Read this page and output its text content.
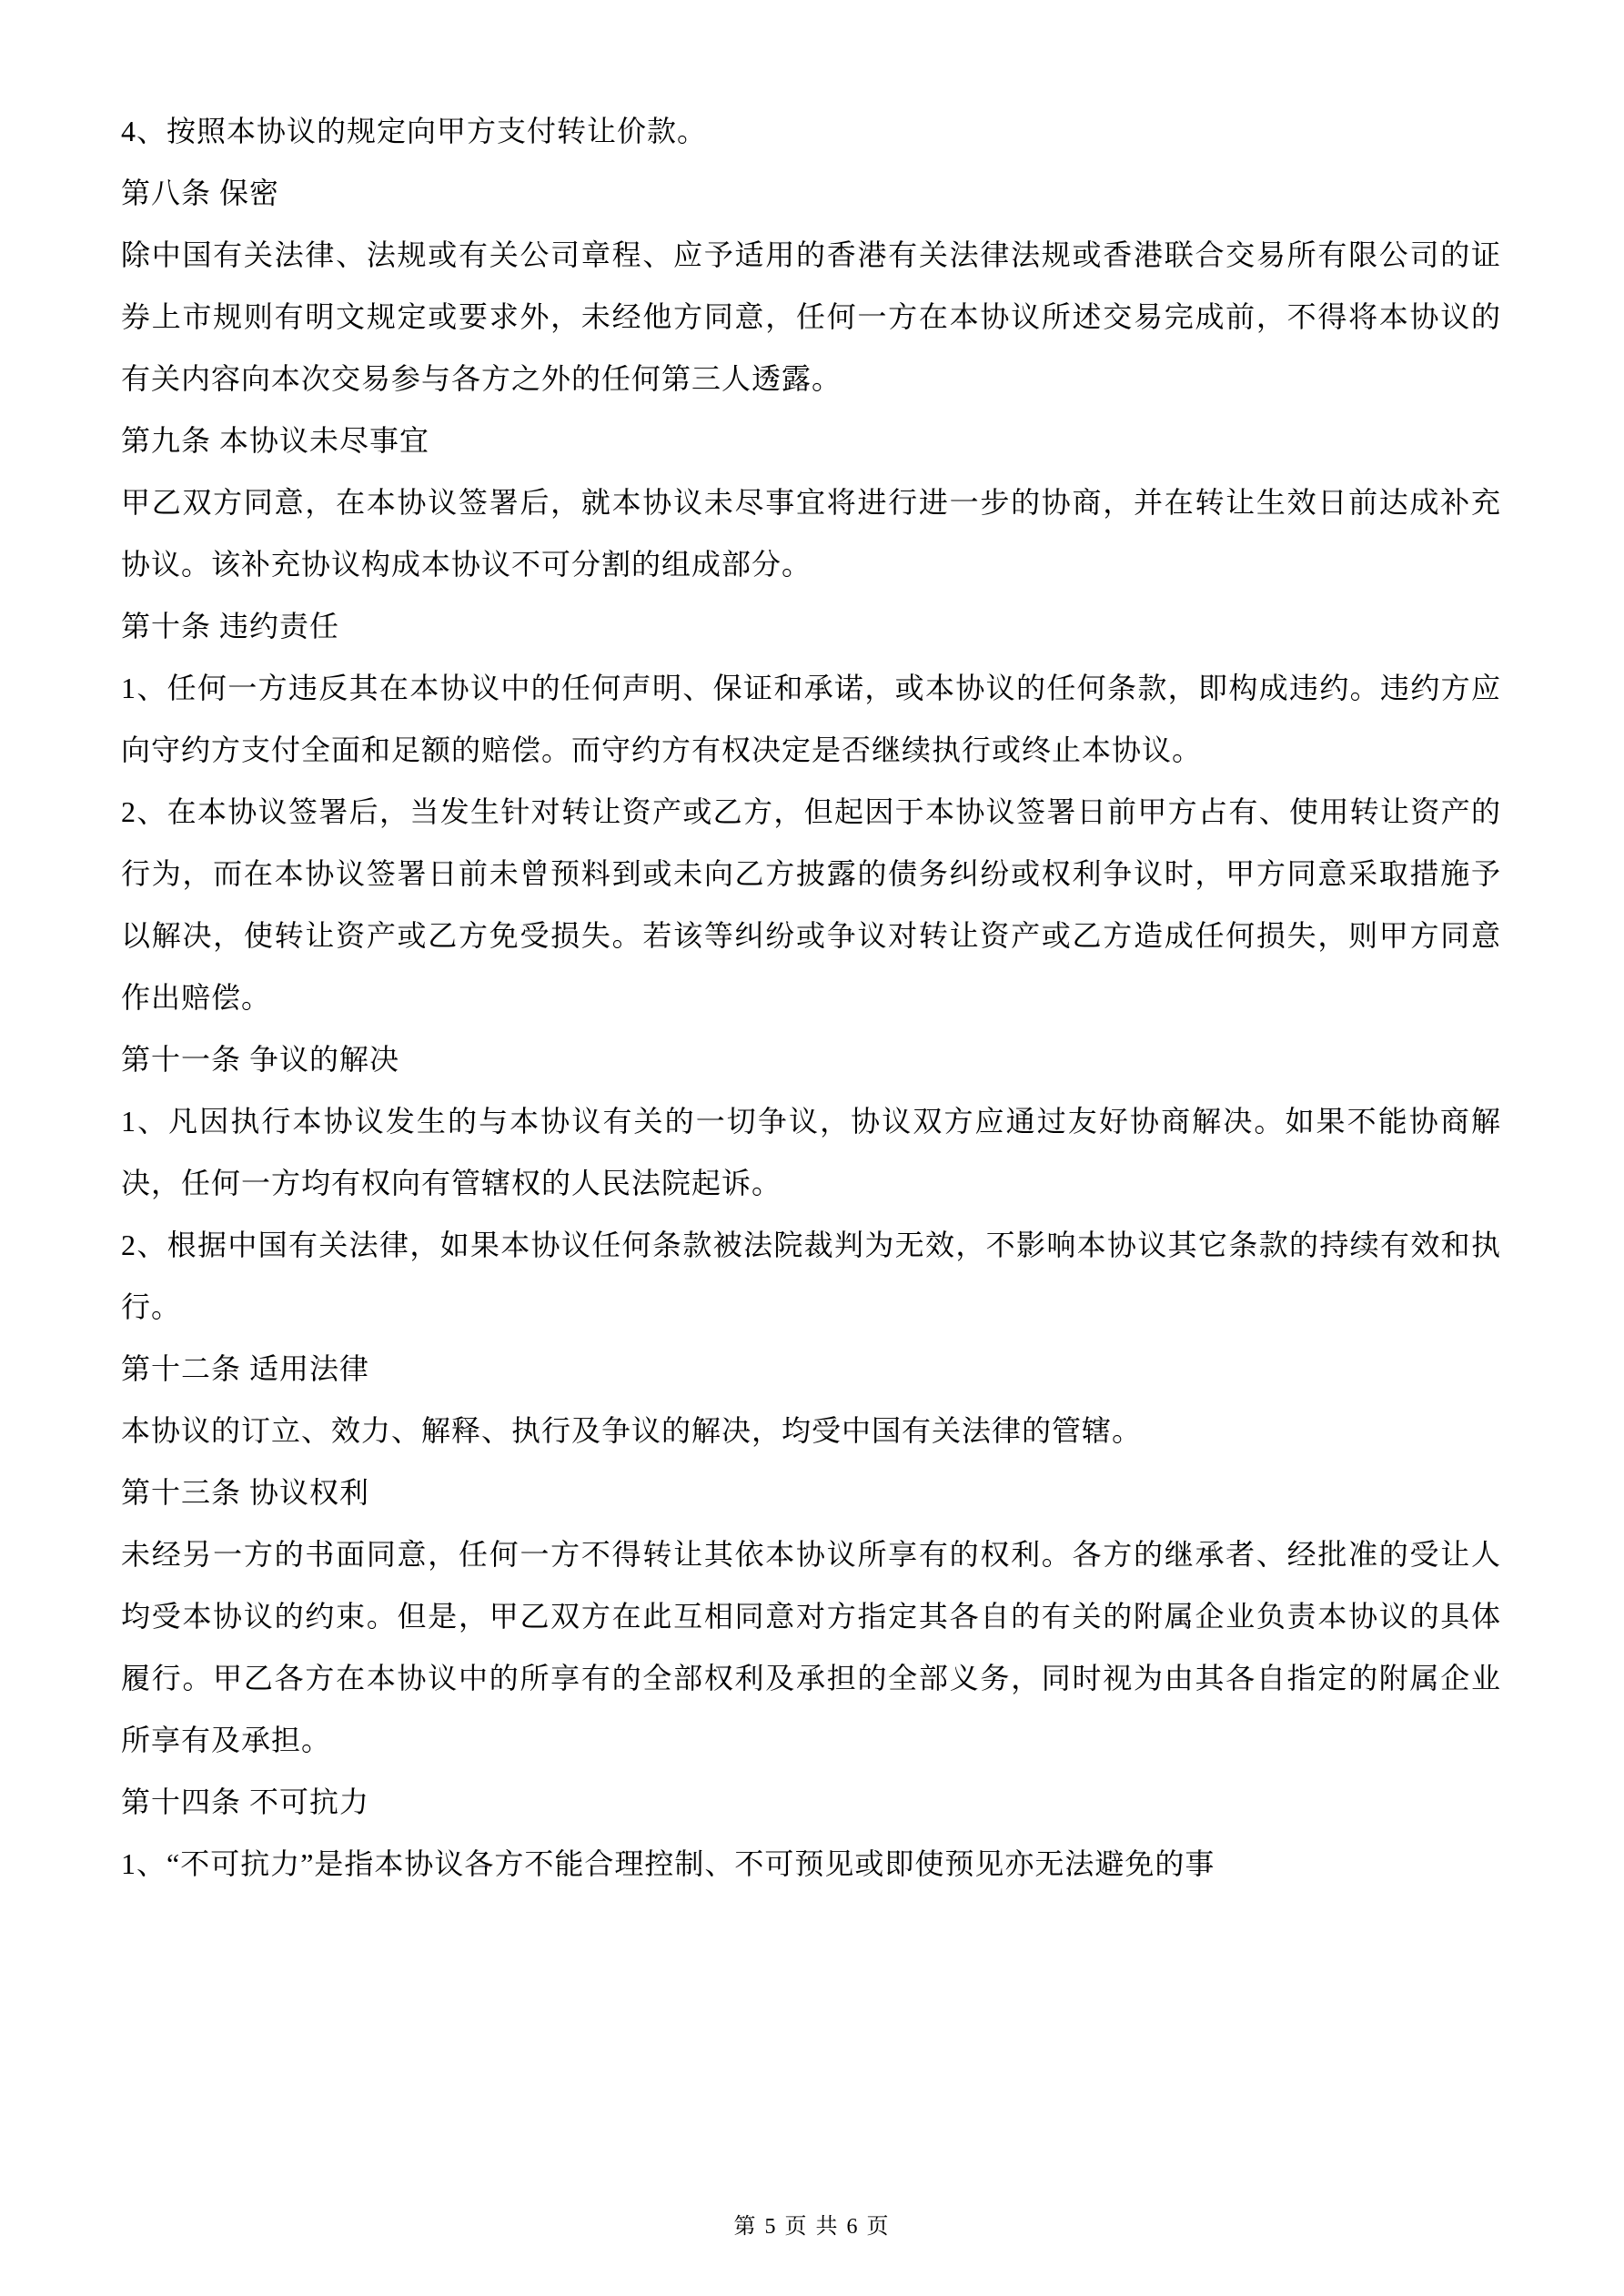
4、按照本协议的规定向甲方支付转让价款。

第八条 保密

除中国有关法律、法规或有关公司章程、应予适用的香港有关法律法规或香港联合交易所有限公司的证券上市规则有明文规定或要求外，未经他方同意，任何一方在本协议所述交易完成前，不得将本协议的有关内容向本次交易参与各方之外的任何第三人透露。

第九条 本协议未尽事宜

甲乙双方同意，在本协议签署后，就本协议未尽事宜将进行进一步的协商，并在转让生效日前达成补充协议。该补充协议构成本协议不可分割的组成部分。

第十条 违约责任

1、任何一方违反其在本协议中的任何声明、保证和承诺，或本协议的任何条款，即构成违约。违约方应向守约方支付全面和足额的赔偿。而守约方有权决定是否继续执行或终止本协议。

2、在本协议签署后，当发生针对转让资产或乙方，但起因于本协议签署日前甲方占有、使用转让资产的行为，而在本协议签署日前未曾预料到或未向乙方披露的债务纠纷或权利争议时，甲方同意采取措施予以解决，使转让资产或乙方免受损失。若该等纠纷或争议对转让资产或乙方造成任何损失，则甲方同意作出赔偿。

第十一条 争议的解决

1、凡因执行本协议发生的与本协议有关的一切争议，协议双方应通过友好协商解决。如果不能协商解决，任何一方均有权向有管辖权的人民法院起诉。

2、根据中国有关法律，如果本协议任何条款被法院裁判为无效，不影响本协议其它条款的持续有效和执行。

第十二条 适用法律

本协议的订立、效力、解释、执行及争议的解决，均受中国有关法律的管辖。

第十三条 协议权利

未经另一方的书面同意，任何一方不得转让其依本协议所享有的权利。各方的继承者、经批准的受让人均受本协议的约束。但是，甲乙双方在此互相同意对方指定其各自的有关的附属企业负责本协议的具体履行。甲乙各方在本协议中的所享有的全部权利及承担的全部义务，同时视为由其各自指定的附属企业所享有及承担。

第十四条 不可抗力

1、“不可抗力”是指本协议各方不能合理控制、不可预见或即使预见亦无法避免的事

第 5 页 共 6 页
